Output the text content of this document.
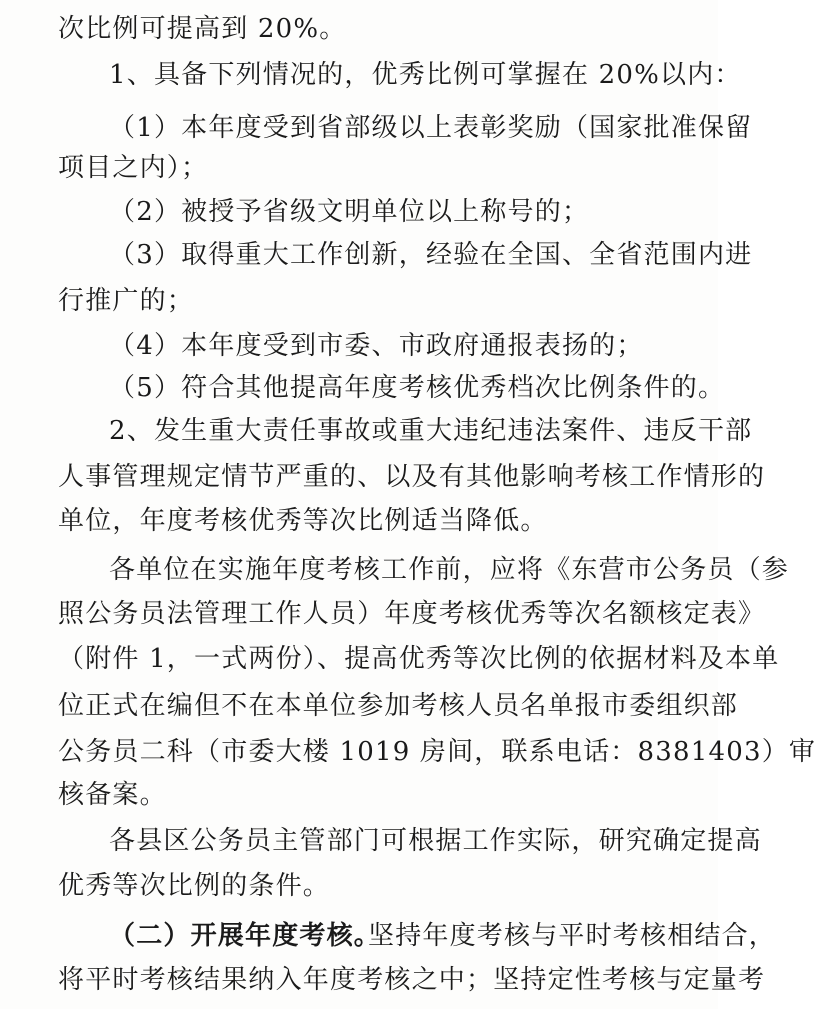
次比例可提高到 20%。
1、具备下列情况的，优秀比例可掌握在 20%以内：
（1）本年度受到省部级以上表彰奖励（国家批准保留
项目之内）；
（2）被授予省级文明单位以上称号的；
（3）取得重大工作创新，经验在全国、全省范围内进
行推广的；
（4）本年度受到市委、市政府通报表扬的；
（5）符合其他提高年度考核优秀档次比例条件的。
2、发生重大责任事故或重大违纪违法案件、违反干部
人事管理规定情节严重的、以及有其他影响考核工作情形的
单位，年度考核优秀等次比例适当降低。
各单位在实施年度考核工作前，应将《东营市公务员（参
照公务员法管理工作人员）年度考核优秀等次名额核定表》
（附件 1，一式两份）、提高优秀等次比例的依据材料及本单
位正式在编但不在本单位参加考核人员名单报市委组织部
公务员二科（市委大楼 1019 房间，联系电话：8381403）审
核备案。
各县区公务员主管部门可根据工作实际，研究确定提高
优秀等次比例的条件。
（二）开展年度考核。
坚持年度考核与平时考核相结合，
将平时考核结果纳入年度考核之中；坚持定性考核与定量考
